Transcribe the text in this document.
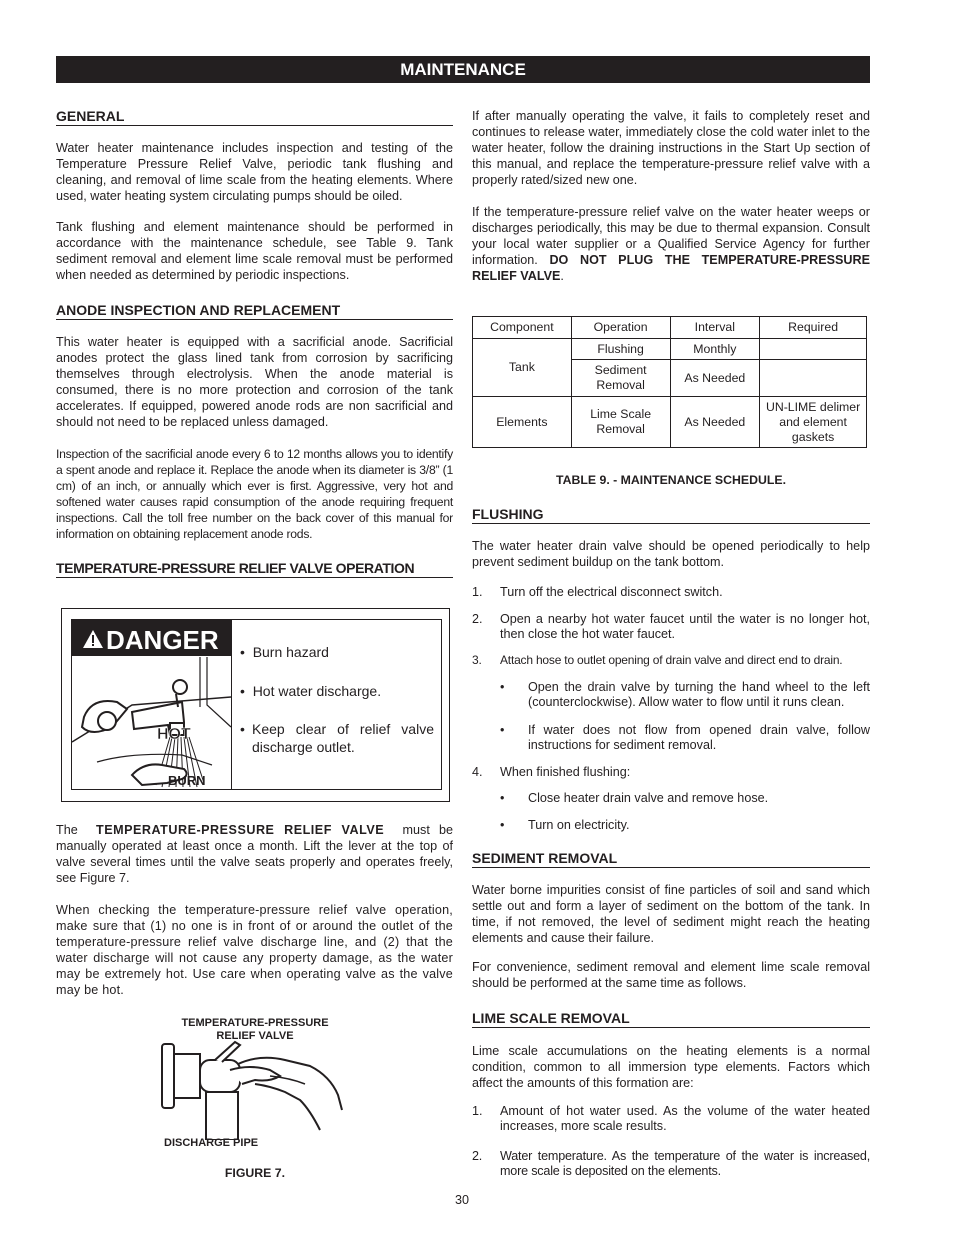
MAINTENANCE
GENERAL

Water heater maintenance includes inspection and testing of the Temperature Pressure Relief Valve, periodic tank flushing and cleaning, and removal of lime scale from the heating elements. Where used, water heating system circulating pumps should be oiled.

Tank flushing and element maintenance should be performed in accordance with the maintenance schedule, see Table 9. Tank sediment removal and element lime scale removal must be performed when needed as determined by periodic inspections.

ANODE INSPECTION AND REPLACEMENT

This water heater is equipped with a sacrificial anode. Sacrificial anodes protect the glass lined tank from corrosion by sacrificing themselves through electrolysis. When the anode material is consumed, there is no more protection and corrosion of the tank accelerates. If equipped, powered anode rods are non sacrificial and should not need to be replaced unless damaged.

Inspection of the sacrificial anode every 6 to 12 months allows you to identify a spent anode and replace it. Replace the anode when its diameter is 3/8” (1 cm) of an inch, or annually which ever is first. Aggressive, very hot and softened water causes rapid consumption of the anode requiring frequent inspections. Call the toll free number on the back cover of this manual for information on obtaining replacement anode rods.

TEMPERATURE-PRESSURE RELIEF VALVE OPERATION
DANGER
HOT
BURN
•  Burn hazard
•  Hot water discharge.
• Keep clear of relief valve discharge outlet.

The TEMPERATURE-PRESSURE RELIEF VALVE must be manually operated at least once a month. Lift the lever at the top of valve several times until the valve seats properly and operates freely, see Figure 7.

When checking the temperature-pressure relief valve operation, make sure that (1) no one is in front of or around the outlet of the temperature-pressure relief valve discharge line, and (2) that the water discharge will not cause any property damage, as the water may be extremely hot. Use care when operating valve as the valve may be hot.

TEMPERATURE-PRESSURE
RELIEF VALVE
DISCHARGE PIPE
FIGURE 7.

If after manually operating the valve, it fails to completely reset and continues to release water, immediately close the cold water inlet to the water heater, follow the draining instructions in the Start Up section of this manual, and replace the temperature-pressure relief valve with a properly rated/sized new one.

If the temperature-pressure relief valve on the water heater weeps or discharges periodically, this may be due to thermal expansion. Consult your local water supplier or a Qualified Service Agency for further information. DO NOT PLUG THE TEMPERATURE-PRESSURE RELIEF VALVE.

Component	Operation	Interval	Required
Tank	Flushing	Monthly	
	Sediment Removal	As Needed	
Elements	Lime Scale Removal	As Needed	UN-LIME delimer and element gaskets
TABLE 9. - MAINTENANCE SCHEDULE.
FLUSHING

The water heater drain valve should be opened periodically to help prevent sediment buildup on the tank bottom.

1. Turn off the electrical disconnect switch.
2. Open a nearby hot water faucet until the water is no longer hot, then close the hot water faucet.
3. Attach hose to outlet opening of drain valve and direct end to drain.
• Open the drain valve by turning the hand wheel to the left (counterclockwise). Allow water to flow until it runs clean.
• If water does not flow from opened drain valve, follow instructions for sediment removal.
4. When finished flushing:
• Close heater drain valve and remove hose.
• Turn on electricity.
SEDIMENT REMOVAL

Water borne impurities consist of fine particles of soil and sand which settle out and form a layer of sediment on the bottom of the tank. In time, if not removed, the level of sediment might reach the heating elements and cause their failure.

For convenience, sediment removal and element lime scale removal should be performed at the same time as follows.

LIME SCALE REMOVAL

Lime scale accumulations on the heating elements is a normal condition, common to all immersion type elements. Factors which affect the amounts of this formation are:

1. Amount of hot water used. As the volume of the water heated increases, more scale results.
2. Water temperature. As the temperature of the water is increased, more scale is deposited on the elements.
30
